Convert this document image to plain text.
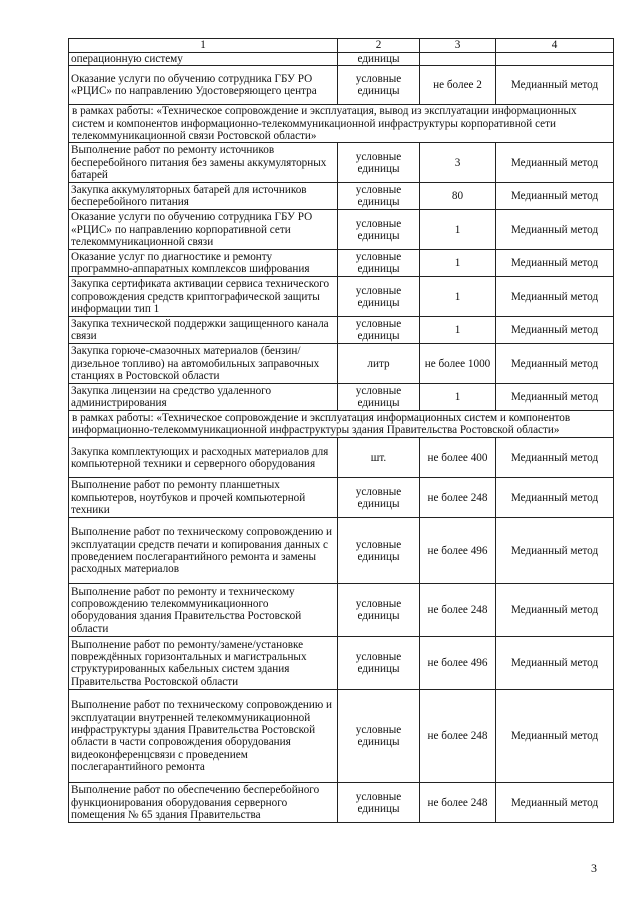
1	2	3	4
операционную систему	единицы		
Оказание услуги по обучению сотрудника ГБУ РО «РЦИС» по направлению Удостоверяющего центра	условные единицы	не более 2	Медианный метод
в рамках работы: «Техническое сопровождение и эксплуатация, вывод из эксплуатации информационных систем и компонентов информационно-телекоммуникационной инфраструктуры корпоративной сети телекоммуникационной связи Ростовской области»			
Выполнение работ по ремонту источников бесперебойного питания без замены аккумуляторных батарей	условные единицы	3	Медианный метод
Закупка аккумуляторных батарей для источников бесперебойного питания	условные единицы	80	Медианный метод
Оказание услуги по обучению сотрудника ГБУ РО «РЦИС» по направлению корпоративной сети телекоммуникационной связи	условные единицы	1	Медианный метод
Оказание услуг по диагностике и ремонту программно-аппаратных комплексов шифрования	условные единицы	1	Медианный метод
Закупка сертификата активации сервиса технического сопровождения средств криптографической защиты информации тип 1	условные единицы	1	Медианный метод
Закупка технической поддержки защищенного канала связи	условные единицы	1	Медианный метод
Закупка горюче-смазочных материалов (бензин/дизельное топливо) на автомобильных заправочных станциях в Ростовской области	литр	не более 1000	Медианный метод
Закупка лицензии на средство удаленного администрирования	условные единицы	1	Медианный метод
в рамках работы: «Техническое сопровождение и эксплуатация информационных систем и компонентов информационно-телекоммуникационной инфраструктуры здания Правительства Ростовской области»			
Закупка комплектующих и расходных материалов для компьютерной техники и серверного оборудования	шт.	не более 400	Медианный метод
Выполнение работ по ремонту планшетных компьютеров, ноутбуков и прочей компьютерной техники	условные единицы	не более 248	Медианный метод
Выполнение работ по техническому сопровождению и эксплуатации средств печати и копирования данных с проведением послегарантийного ремонта и замены расходных материалов	условные единицы	не более 496	Медианный метод
Выполнение работ по ремонту и техническому сопровождению телекоммуникационного оборудования здания Правительства Ростовской области	условные единицы	не более 248	Медианный метод
Выполнение работ по ремонту/замене/установке повреждённых горизонтальных и магистральных структурированных кабельных систем здания Правительства Ростовской области	условные единицы	не более 496	Медианный метод
Выполнение работ по техническому сопровождению и эксплуатации внутренней телекоммуникационной инфраструктуры здания Правительства Ростовской области в части сопровождения оборудования видеоконференцсвязи с проведением послегарантийного ремонта	условные единицы	не более 248	Медианный метод
Выполнение работ по обеспечению бесперебойного функционирования оборудования серверного помещения № 65 здания Правительства	условные единицы	не более 248	Медианный метод
3
